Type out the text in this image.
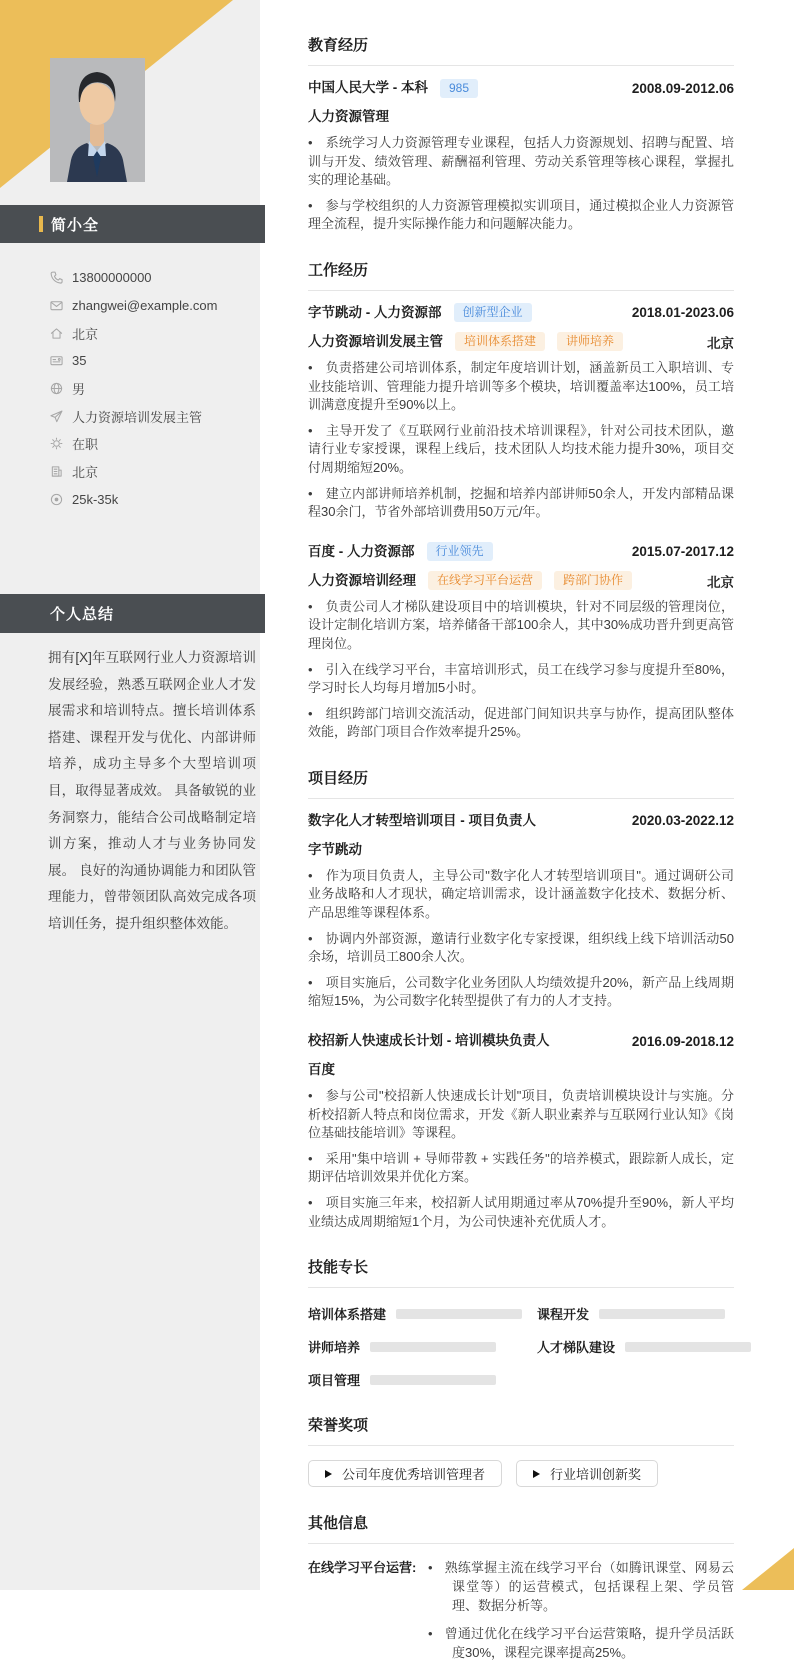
简小全
13800000000
zhangwei@example.com
北京
35
男
人力资源培训发展主管
在职
北京
25k-35k
个人总结
拥有[X]年互联网行业人力资源培训发展经验，熟悉互联网企业人才发展需求和培训特点。擅长培训体系搭建、课程开发与优化、内部讲师培养，成功主导多个大型培训项目，取得显著成效。 具备敏锐的业务洞察力，能结合公司战略制定培训方案，推动人才与业务协同发展。 良好的沟通协调能力和团队管理能力，曾带领团队高效完成各项培训任务，提升组织整体效能。
教育经历
中国人民大学 - 本科	985	2008.09-2012.06
人力资源管理

• 系统学习人力资源管理专业课程，包括人力资源规划、招聘与配置、培训与开发、绩效管理、薪酬福利管理、劳动关系管理等核心课程，掌握扎实的理论基础。

• 参与学校组织的人力资源管理模拟实训项目，通过模拟企业人力资源管理全流程，提升实际操作能力和问题解决能力。

工作经历
字节跳动 - 人力资源部	创新型企业	2018.01-2023.06
人力资源培训发展主管	培训体系搭建	讲师培养	北京

• 负责搭建公司培训体系，制定年度培训计划，涵盖新员工入职培训、专业技能培训、管理能力提升培训等多个模块，培训覆盖率达100%，员工培训满意度提升至90%以上。

• 主导开发了《互联网行业前沿技术培训课程》，针对公司技术团队，邀请行业专家授课，课程上线后，技术团队人均技术能力提升30%，项目交付周期缩短20%。

• 建立内部讲师培养机制，挖掘和培养内部讲师50余人，开发内部精品课程30余门，节省外部培训费用50万元/年。

百度 - 人力资源部	行业领先	2015.07-2017.12
人力资源培训经理	在线学习平台运营	跨部门协作	北京

• 负责公司人才梯队建设项目中的培训模块，针对不同层级的管理岗位，设计定制化培训方案，培养储备干部100余人，其中30%成功晋升到更高管理岗位。

• 引入在线学习平台，丰富培训形式，员工在线学习参与度提升至80%，学习时长人均每月增加5小时。

• 组织跨部门培训交流活动，促进部门间知识共享与协作，提高团队整体效能，跨部门项目合作效率提升25%。

项目经历
数字化人才转型培训项目 - 项目负责人	2020.03-2022.12
字节跳动

• 作为项目负责人，主导公司"数字化人才转型培训项目"。通过调研公司业务战略和人才现状，确定培训需求，设计涵盖数字化技术、数据分析、产品思维等课程体系。

• 协调内外部资源，邀请行业数字化专家授课，组织线上线下培训活动50余场，培训员工800余人次。

• 项目实施后，公司数字化业务团队人均绩效提升20%，新产品上线周期缩短15%，为公司数字化转型提供了有力的人才支持。

校招新人快速成长计划 - 培训模块负责人	2016.09-2018.12
百度

• 参与公司"校招新人快速成长计划"项目，负责培训模块设计与实施。分析校招新人特点和岗位需求，开发《新人职业素养与互联网行业认知》《岗位基础技能培训》等课程。

• 采用"集中培训 + 导师带教 + 实践任务"的培养模式，跟踪新人成长，定期评估培训效果并优化方案。

• 项目实施三年来，校招新人试用期通过率从70%提升至90%，新人平均业绩达成周期缩短1个月，为公司快速补充优质人才。

技能专长
培训体系搭建	课程开发
讲师培养	人才梯队建设
项目管理
荣誉奖项
公司年度优秀培训管理者	行业培训创新奖
其他信息
在线学习平台运营:	• 熟练掌握主流在线学习平台（如腾讯课堂、网易云课堂等）的运营模式，包括课程上架、学员管理、数据分析等。

• 曾通过优化在线学习平台运营策略，提升学员活跃度30%，课程完课率提高25%。
